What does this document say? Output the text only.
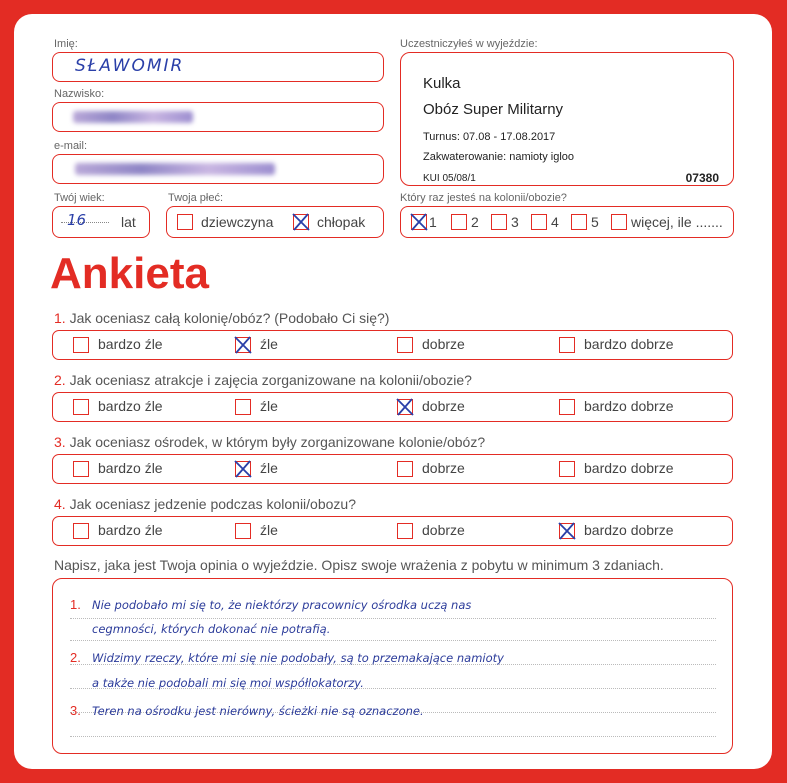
Imię:
SŁAWOMIR
Nazwisko:
e-mail:
Twój wiek:
16 lat
Twoja płeć:
dziewczyna	chłopak
Uczestniczyłeś w wyjeździe:
Kulka
Obóz Super Militarny
Turnus: 07.08 - 17.08.2017
Zakwaterowanie: namioty igloo
KUI 05/08/1	07380
Który raz jesteś na kolonii/obozie?
1 2 3 4 5 więcej, ile .......
Ankieta
1. Jak oceniasz całą kolonię/obóz? (Podobało Ci się?)
bardzo źle	źle	dobrze	bardzo dobrze
2. Jak oceniasz atrakcje i zajęcia zorganizowane na kolonii/obozie?
bardzo źle	źle	dobrze	bardzo dobrze
3. Jak oceniasz ośrodek, w którym były zorganizowane kolonie/obóz?
bardzo źle	źle	dobrze	bardzo dobrze
4. Jak oceniasz jedzenie podczas kolonii/obozu?
bardzo źle	źle	dobrze	bardzo dobrze
Napisz, jaka jest Twoja opinia o wyjeździe. Opisz swoje wrażenia z pobytu w minimum 3 zdaniach.
1.
2.
3.
Nie podobało mi się to, że niektórzy pracownicy ośrodka uczą nas
cegmności, których dokonać nie potrafią.
Widzimy rzeczy, które mi się nie podobały, są to przemakające namioty
a także nie podobali mi się moi współlokatorzy.
Teren na ośrodku jest nierówny, ścieżki nie są oznaczone.
